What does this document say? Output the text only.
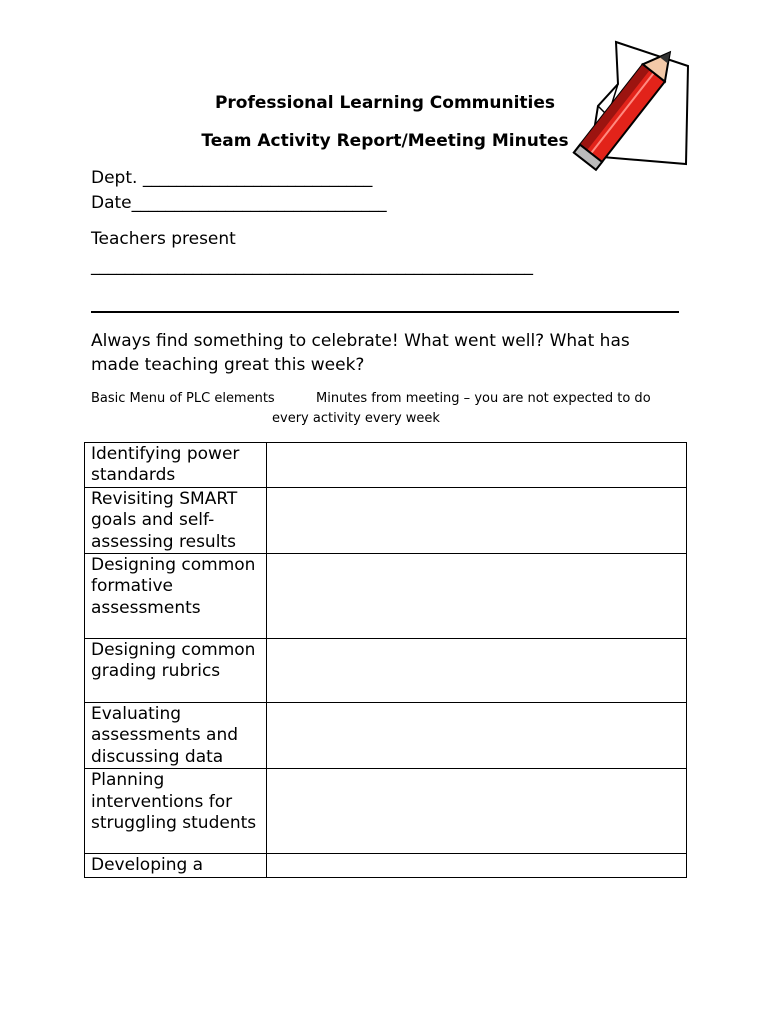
Professional Learning Communities
Team Activity Report/Meeting Minutes
Dept. ___________________________
Date______________________________
Teachers present
____________________________________________________
Always find something to celebrate! What went well? What has made teaching great this week?
Basic Menu of PLC elements	Minutes from meeting – you are not expected to do
every activity every week
Identifying power standards	
Revisiting SMART goals and self-assessing results	
Designing common formative assessments	
Designing common grading rubrics	
Evaluating assessments and discussing data	
Planning interventions for struggling students	
Developing a	
